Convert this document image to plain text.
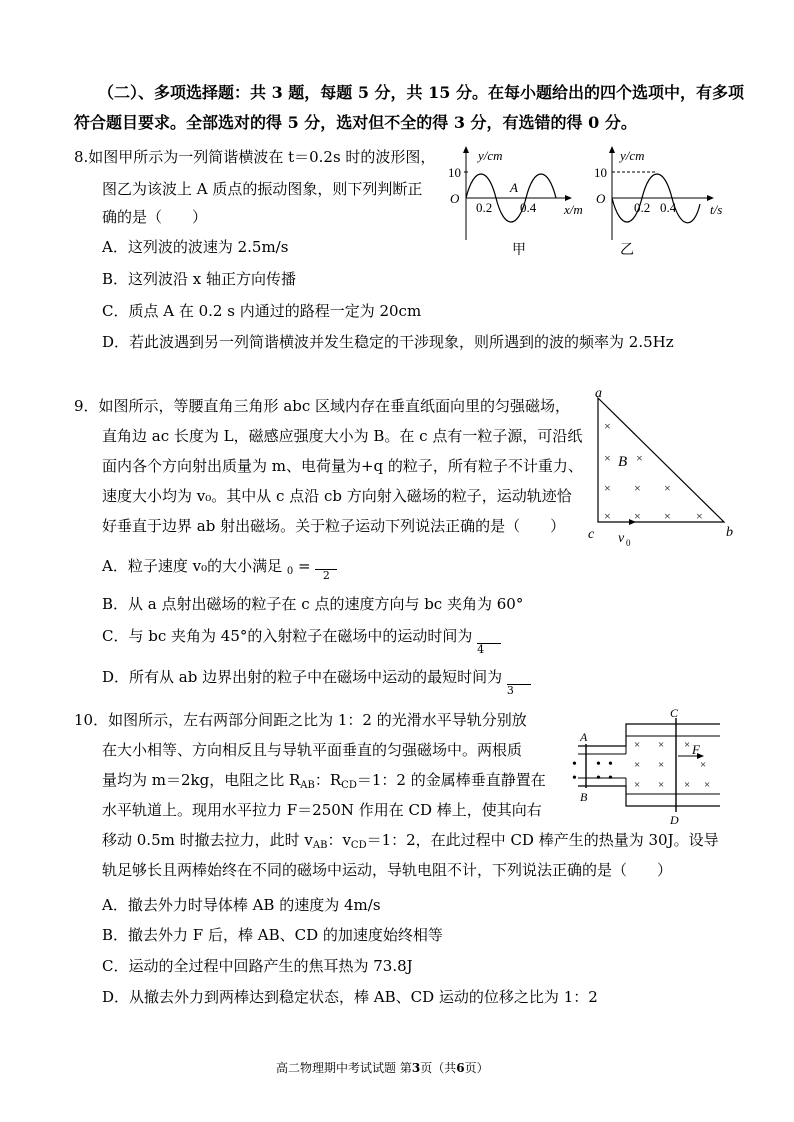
（二）、多项选择题：共 3 题，每题 5 分，共 15 分。在每小题给出的四个选项中，有多项
符合题目要求。全部选对的得 5 分，选对但不全的得 3 分，有选错的得 0 分。
8.如图甲所示为一列简谐横波在 t＝0.2s 时的波形图，
图乙为该波上 A 质点的振动图象，则下列判断正
确的是（　　）
A．这列波的波速为 2.5m/s
B．这列波沿 x 轴正方向传播
C．质点 A 在 0.2 s 内通过的路程一定为 20cm
D．若此波遇到另一列简谐横波并发生稳定的干涉现象，则所遇到的波的频率为 2.5Hz
y/cm
10
O
0.2 0.4
A
x/m
甲
y/cm
10
O
0.2 0.4	t/s
乙
9．如图所示，等腰直角三角形 abc 区域内存在垂直纸面向里的匀强磁场，
直角边 ac 长度为 L，磁感应强度大小为 B。在 c 点有一粒子源，可沿纸
面内各个方向射出质量为 m、电荷量为+q 的粒子，所有粒子不计重力、
速度大小均为 v₀。其中从 c 点沿 cb 方向射入磁场的粒子，运动轨迹恰
好垂直于边界 ab 射出磁场。关于粒子运动下列说法正确的是（　　）
A．粒子速度 v₀的大小满足 $_0$ = 2
B．从 a 点射出磁场的粒子在 c 点的速度方向与 bc 夹角为 60°
C．与 bc 夹角为 45°的入射粒子在磁场中的运动时间为 4
D．所有从 ab 边界出射的粒子中在磁场中运动的最短时间为 3
a
b
c
×
× ×
× × ×
× × × ×
B
v 0
10．如图所示，左右两部分间距之比为 1：2 的光滑水平导轨分别放
在大小相等、方向相反且与导轨平面垂直的匀强磁场中。两根质
量均为 m＝2kg，电阻之比 $R_{AB}$：$R_{CD}=1$：2 的金属棒垂直静置在
水平轨道上。现用水平拉力 F＝250N 作用在 CD 棒上，使其向右
移动 0.5m 时撤去拉力，此时 $v_{AB}$：$v_{CD}=1$：2，在此过程中 CD 棒产生的热量为 30J。设导
轨足够长且两棒始终在不同的磁场中运动，导轨电阻不计，下列说法正确的是（　　）
A．撤去外力时导体棒 AB 的速度为 4m/s
B．撤去外力 F 后，棒 AB、CD 的加速度始终相等
C．运动的全过程中回路产生的焦耳热为 73.8J
D．从撤去外力到两棒达到稳定状态，棒 AB、CD 运动的位移之比为 1：2
A
B
•
•
•
•
•
•
C
D
× × ×
× ×	×
× × × ×
F
高二物理期中考试试题 第3页（共6页）
